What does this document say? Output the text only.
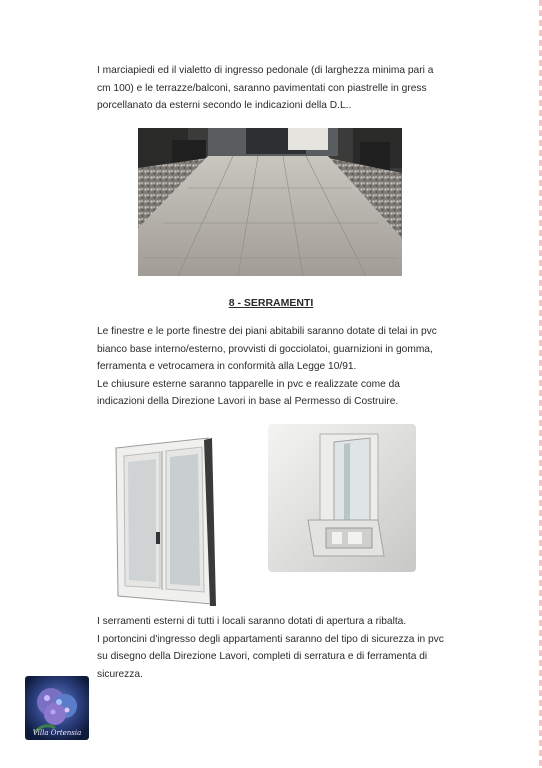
I marciapiedi ed il vialetto di ingresso pedonale (di larghezza minima pari a

cm 100) e le terrazze/balconi, saranno pavimentati con piastrelle in gress

porcellanato da esterni secondo le indicazioni della D.L..

8 - SERRAMENTI

Le finestre e le porte finestre dei piani abitabili saranno dotate di telai in pvc

bianco base interno/esterno, provvisti di gocciolatoi, guarnizioni in gomma,

ferramenta e vetrocamera in conformità alla Legge 10/91.

Le chiusure esterne saranno tapparelle in pvc e realizzate come da

indicazioni della Direzione Lavori in base al Permesso di Costruire.

I serramenti esterni di tutti i locali saranno dotati di apertura a ribalta.

I portoncini d'ingresso degli appartamenti saranno del tipo di sicurezza in pvc

su disegno della Direzione Lavori, completi di serratura e di ferramenta di

sicurezza.

Villa Ortensia
